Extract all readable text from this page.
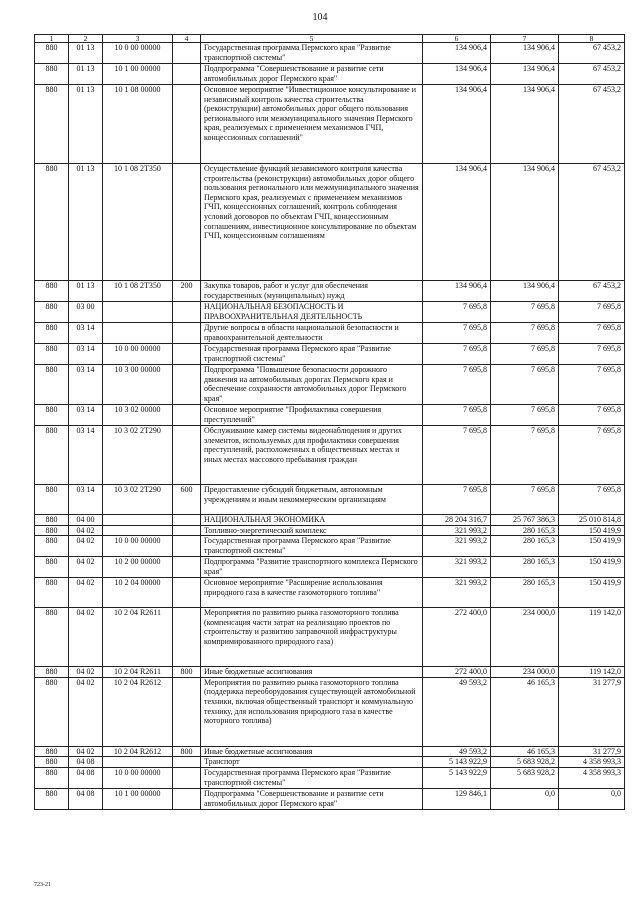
104
1	2	3	4	5	6	7	8
880	01 13	10 0 00 00000		Государственная программа Пермского края "Развитие транспортной системы"	134 906,4	134 906,4	67 453,2
880	01 13	10 1 00 00000		Подпрограмма "Совершенствование и развитие сети автомобильных дорог Пермского края"	134 906,4	134 906,4	67 453,2
880	01 13	10 1 08 00000		Основное мероприятие "Инвестиционное консультирование и независимый контроль качества строительства (реконструкции) автомобильных дорог общего пользования регионального или межмуниципального значения Пермского края, реализуемых с применением механизмов ГЧП, концессионных соглашений"	134 906,4	134 906,4	67 453,2
880	01 13	10 1 08 2Т350		Осуществление функций независимого контроля качества строительства (реконструкции) автомобильных дорог общего пользования регионального или межмуниципального значения Пермского края, реализуемых с применением механизмов ГЧП, концессионных соглашений, контроль соблюдения условий договоров по объектам ГЧП, концессионным соглашениям, инвестиционное консультирование по объектам ГЧП, концессионным соглашениям	134 906,4	134 906,4	67 453,2
880	01 13	10 1 08 2Т350	200	Закупка товаров, работ и услуг для обеспечения государственных (муниципальных) нужд	134 906,4	134 906,4	67 453,2
880	03 00			НАЦИОНАЛЬНАЯ БЕЗОПАСНОСТЬ И ПРАВООХРАНИТЕЛЬНАЯ ДЕЯТЕЛЬНОСТЬ	7 695,8	7 695,8	7 695,8
880	03 14			Другие вопросы в области национальной безопасности и правоохранительной деятельности	7 695,8	7 695,8	7 695,8
880	03 14	10 0 00 00000		Государственная программа Пермского края "Развитие транспортной системы"	7 695,8	7 695,8	7 695,8
880	03 14	10 3 00 00000		Подпрограмма "Повышение безопасности дорожного движения на автомобильных дорогах Пермского края и обеспечение сохранности автомобильных дорог Пермского края"	7 695,8	7 695,8	7 695,8
880	03 14	10 3 02 00000		Основное мероприятие "Профилактика совершения преступлений"	7 695,8	7 695,8	7 695,8
880	03 14	10 3 02 2Т290		Обслуживание камер системы видеонаблюдения и других элементов, используемых для профилактики совершения преступлений, расположенных в общественных местах и иных местах массового пребывания граждан	7 695,8	7 695,8	7 695,8
880	03 14	10 3 02 2Т290	600	Предоставление субсидий бюджетным, автономным учреждениям и иным некоммерческим организациям	7 695,8	7 695,8	7 695,8
880	04 00			НАЦИОНАЛЬНАЯ ЭКОНОМИКА	28 204 316,7	25 767 386,3	25 010 814,8
880	04 02			Топливно-энергетический комплекс	321 993,2	280 165,3	150 419,9
880	04 02	10 0 00 00000		Государственная программа Пермского края "Развитие транспортной системы"	321 993,2	280 165,3	150 419,9
880	04 02	10 2 00 00000		Подпрограмма "Развитие транспортного комплекса Пермского края"	321 993,2	280 165,3	150 419,9
880	04 02	10 2 04 00000		Основное мероприятие "Расширение использования природного газа в качестве газомоторного топлива"	321 993,2	280 165,3	150 419,9
880	04 02	10 2 04 R2611		Мероприятия по развитию рынка газомоторного топлива (компенсация части затрат на реализацию проектов по строительству и развитию заправочной инфраструктуры компримированного природного газа)	272 400,0	234 000,0	119 142,0
880	04 02	10 2 04 R2611	800	Иные бюджетные ассигнования	272 400,0	234 000,0	119 142,0
880	04 02	10 2 04 R2612		Мероприятия по развитию рынка газомоторного топлива (поддержка переоборудования существующей автомобильной техники, включая общественный транспорт и коммунальную технику, для использования природного газа в качестве моторного топлива)	49 593,2	46 165,3	31 277,9
880	04 02	10 2 04 R2612	800	Иные бюджетные ассигнования	49 593,2	46 165,3	31 277,9
880	04 08			Транспорт	5 143 922,9	5 683 928,2	4 358 993,3
880	04 08	10 0 00 00000		Государственная программа Пермского края "Развитие транспортной системы"	5 143 922,9	5 683 928,2	4 358 993,3
880	04 08	10 1 00 00000		Подпрограмма "Совершенствование и развитие сети автомобильных дорог Пермского края"	129 846,1	0,0	0,0
723-21
